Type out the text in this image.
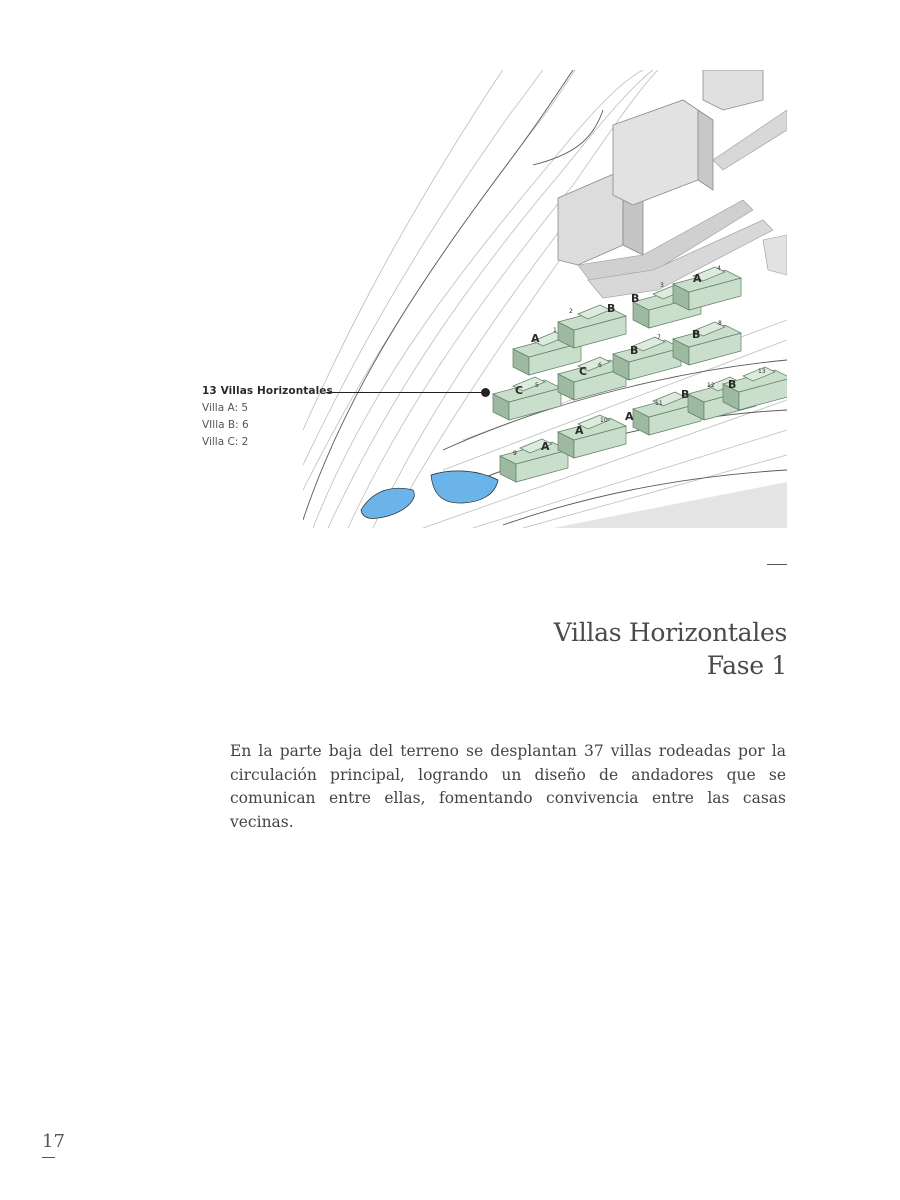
A
1
B
2
B
3
A
4
C 5
C 6
B
7	B
8
A
9
A
10 A
11
B
12 B
13
13 Villas Horizontales
Villa A: 5
VIlla B: 6
Villa C: 2
Villas Horizontales
Fase 1

En la parte baja del terreno se desplantan 37 villas rodeadas por la circulación principal, logrando un diseño de andadores que se comunican entre ellas, fomentando convivencia entre las casas vecinas.

17
